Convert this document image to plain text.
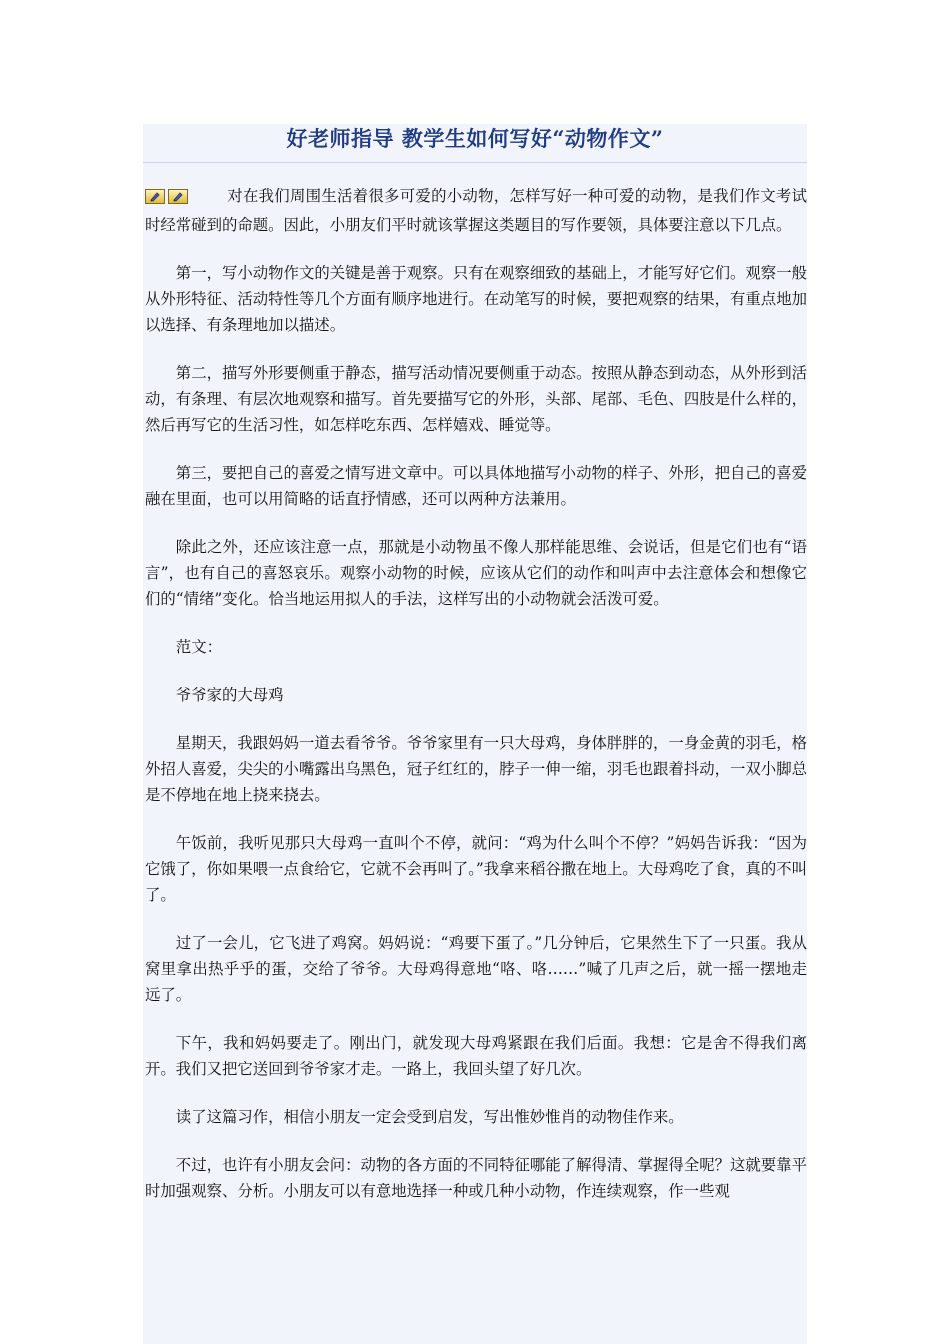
好老师指导 教学生如何写好“动物作文”

对在我们周围生活着很多可爱的小动物，怎样写好一种可爱的动物，是我们作文考试时经常碰到的命题。因此，小朋友们平时就该掌握这类题目的写作要领，具体要注意以下几点。

第一，写小动物作文的关键是善于观察。只有在观察细致的基础上，才能写好它们。观察一般从外形特征、活动特性等几个方面有顺序地进行。在动笔写的时候，要把观察的结果，有重点地加以选择、有条理地加以描述。

第二，描写外形要侧重于静态，描写活动情况要侧重于动态。按照从静态到动态，从外形到活动，有条理、有层次地观察和描写。首先要描写它的外形，头部、尾部、毛色、四肢是什么样的，然后再写它的生活习性，如怎样吃东西、怎样嬉戏、睡觉等。

第三，要把自己的喜爱之情写进文章中。可以具体地描写小动物的样子、外形，把自己的喜爱融在里面，也可以用简略的话直抒情感，还可以两种方法兼用。

除此之外，还应该注意一点，那就是小动物虽不像人那样能思维、会说话，但是它们也有“语言”，也有自己的喜怒哀乐。观察小动物的时候，应该从它们的动作和叫声中去注意体会和想像它们的“情绪”变化。恰当地运用拟人的手法，这样写出的小动物就会活泼可爱。

范文：

爷爷家的大母鸡

星期天，我跟妈妈一道去看爷爷。爷爷家里有一只大母鸡，身体胖胖的，一身金黄的羽毛，格外招人喜爱，尖尖的小嘴露出乌黑色，冠子红红的，脖子一伸一缩，羽毛也跟着抖动，一双小脚总是不停地在地上挠来挠去。

午饭前，我听见那只大母鸡一直叫个不停，就问：“鸡为什么叫个不停？”妈妈告诉我：“因为它饿了，你如果喂一点食给它，它就不会再叫了。”我拿来稻谷撒在地上。大母鸡吃了食，真的不叫了。

过了一会儿，它飞进了鸡窝。妈妈说：“鸡要下蛋了。”几分钟后，它果然生下了一只蛋。我从窝里拿出热乎乎的蛋，交给了爷爷。大母鸡得意地“咯、咯……”喊了几声之后，就一摇一摆地走远了。

下午，我和妈妈要走了。刚出门，就发现大母鸡紧跟在我们后面。我想：它是舍不得我们离开。我们又把它送回到爷爷家才走。一路上，我回头望了好几次。

读了这篇习作，相信小朋友一定会受到启发，写出惟妙惟肖的动物佳作来。

不过，也许有小朋友会问：动物的各方面的不同特征哪能了解得清、掌握得全呢？这就要靠平时加强观察、分析。小朋友可以有意地选择一种或几种小动物，作连续观察，作一些观
